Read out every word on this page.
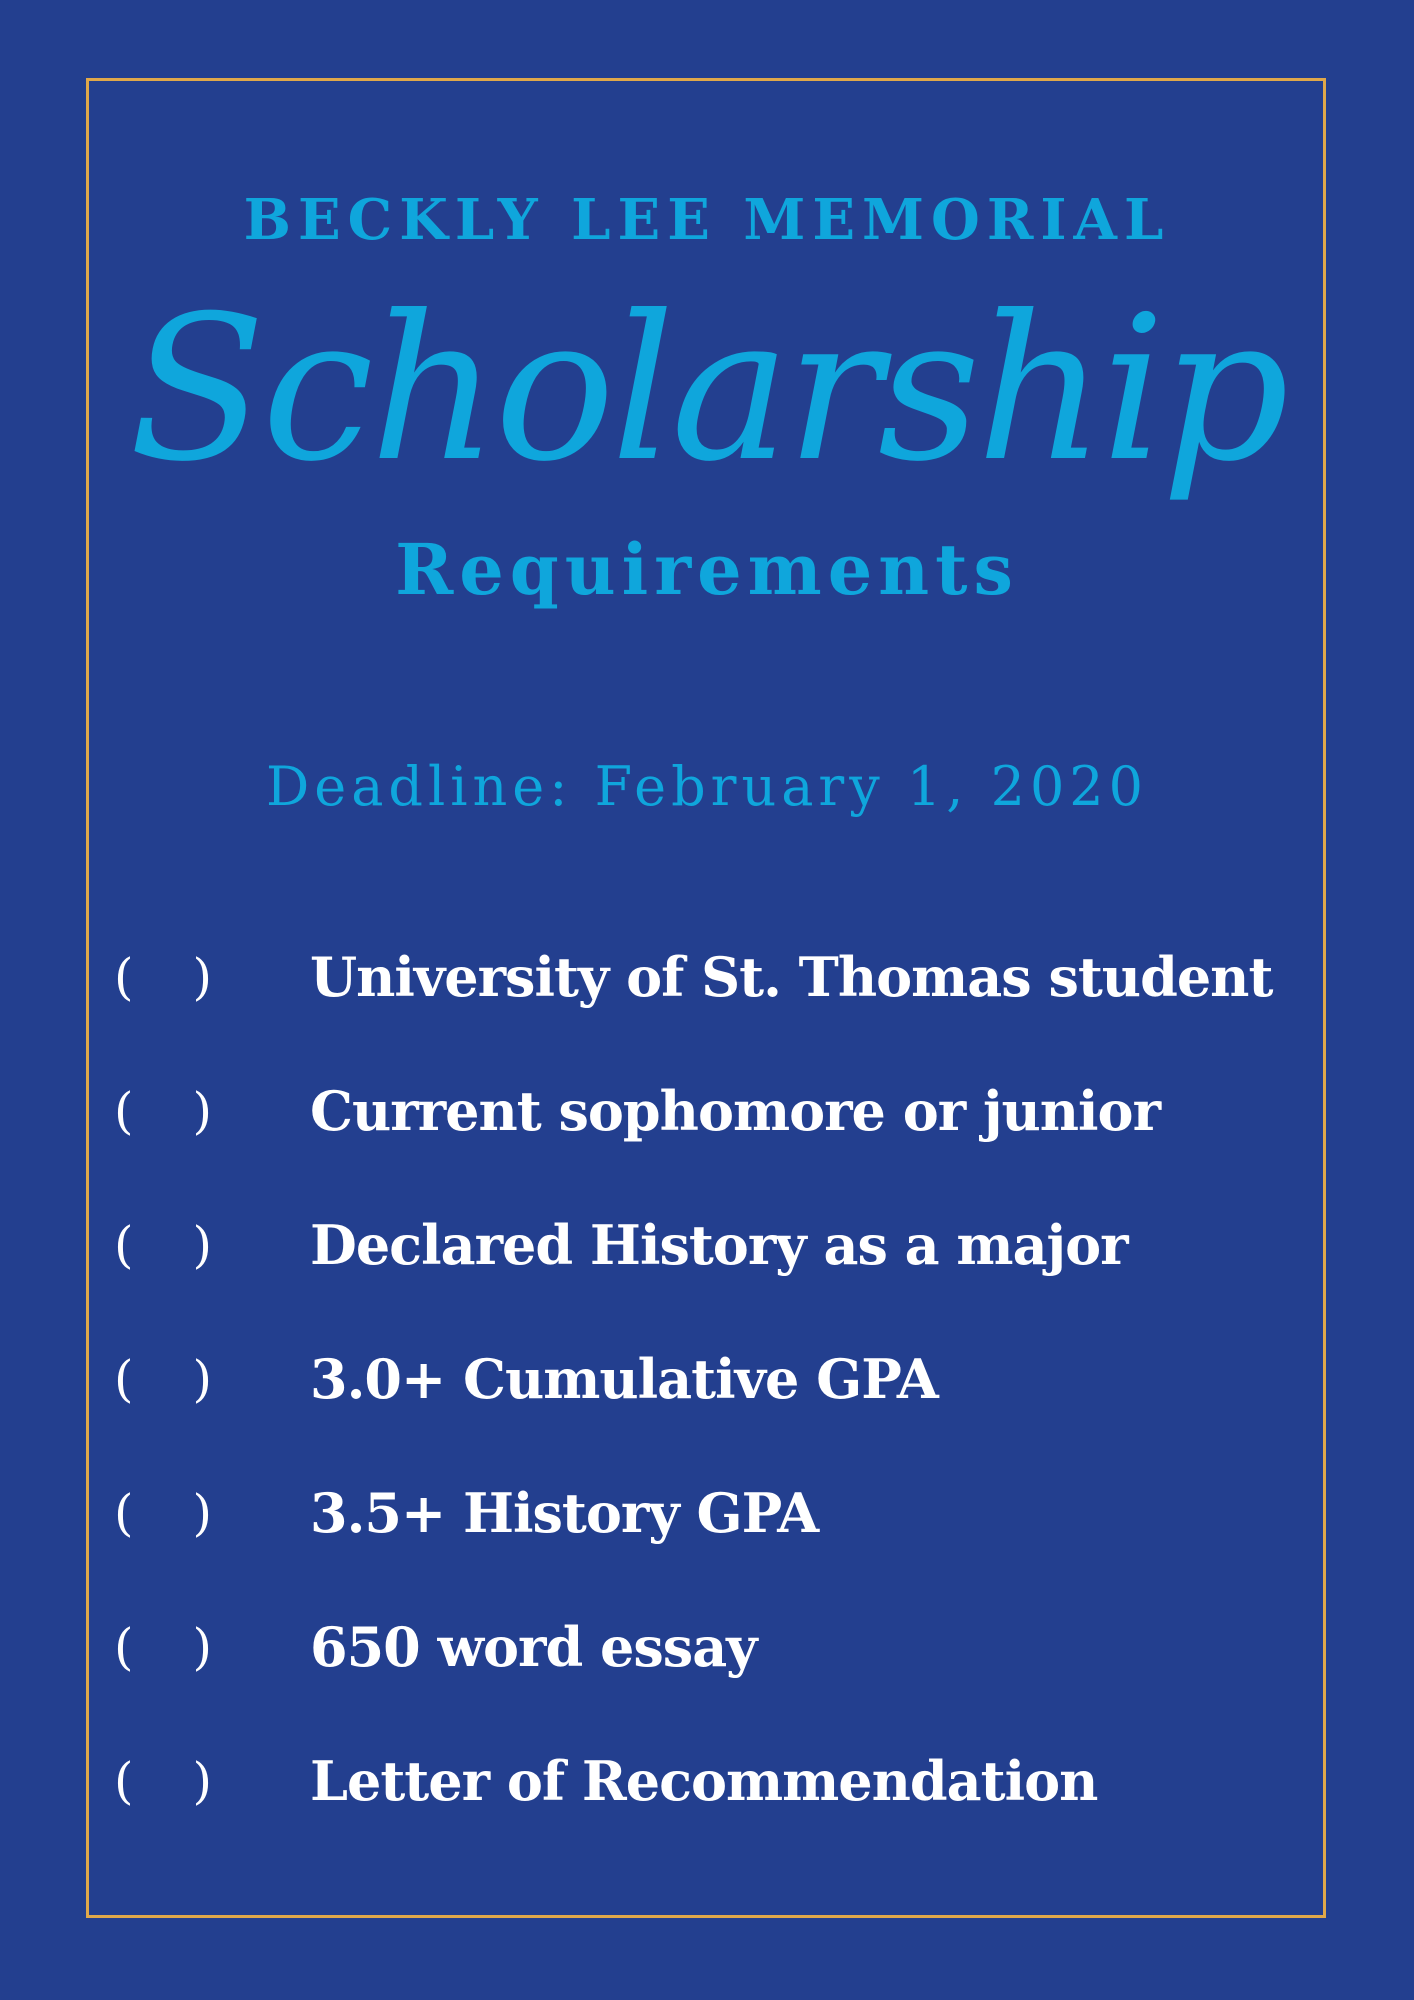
BECKLY LEE MEMORIAL
Scholarship
Requirements
Deadline: February 1, 2020
( ) University of St. Thomas student
( ) Current sophomore or junior
( ) Declared History as a major
( ) 3.0+ Cumulative GPA
( ) 3.5+ History GPA
( ) 650 word essay
( ) Letter of Recommendation
